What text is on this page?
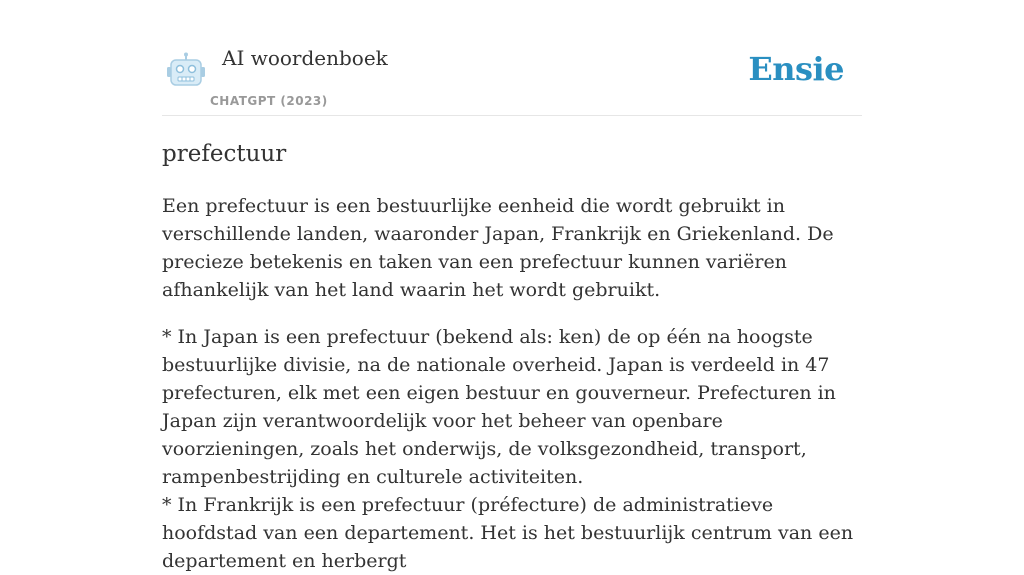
AI woordenboek
CHATGPT (2023)
Ensie
prefectuur

Een prefectuur is een bestuurlijke eenheid die wordt gebruikt in verschillende landen, waaronder Japan, Frankrijk en Griekenland. De precieze betekenis en taken van een prefectuur kunnen variëren afhankelijk van het land waarin het wordt gebruikt.

* In Japan is een prefectuur (bekend als: ken) de op één na hoogste bestuurlijke divisie, na de nationale overheid. Japan is verdeeld in 47 prefecturen, elk met een eigen bestuur en gouverneur. Prefecturen in Japan zijn verantwoordelijk voor het beheer van openbare voorzieningen, zoals het onderwijs, de volksgezondheid, transport, rampenbestrijding en culturele activiteiten.

* In Frankrijk is een prefectuur (préfecture) de administratieve hoofdstad van een departement. Het is het bestuurlijk centrum van een departement en herbergt
